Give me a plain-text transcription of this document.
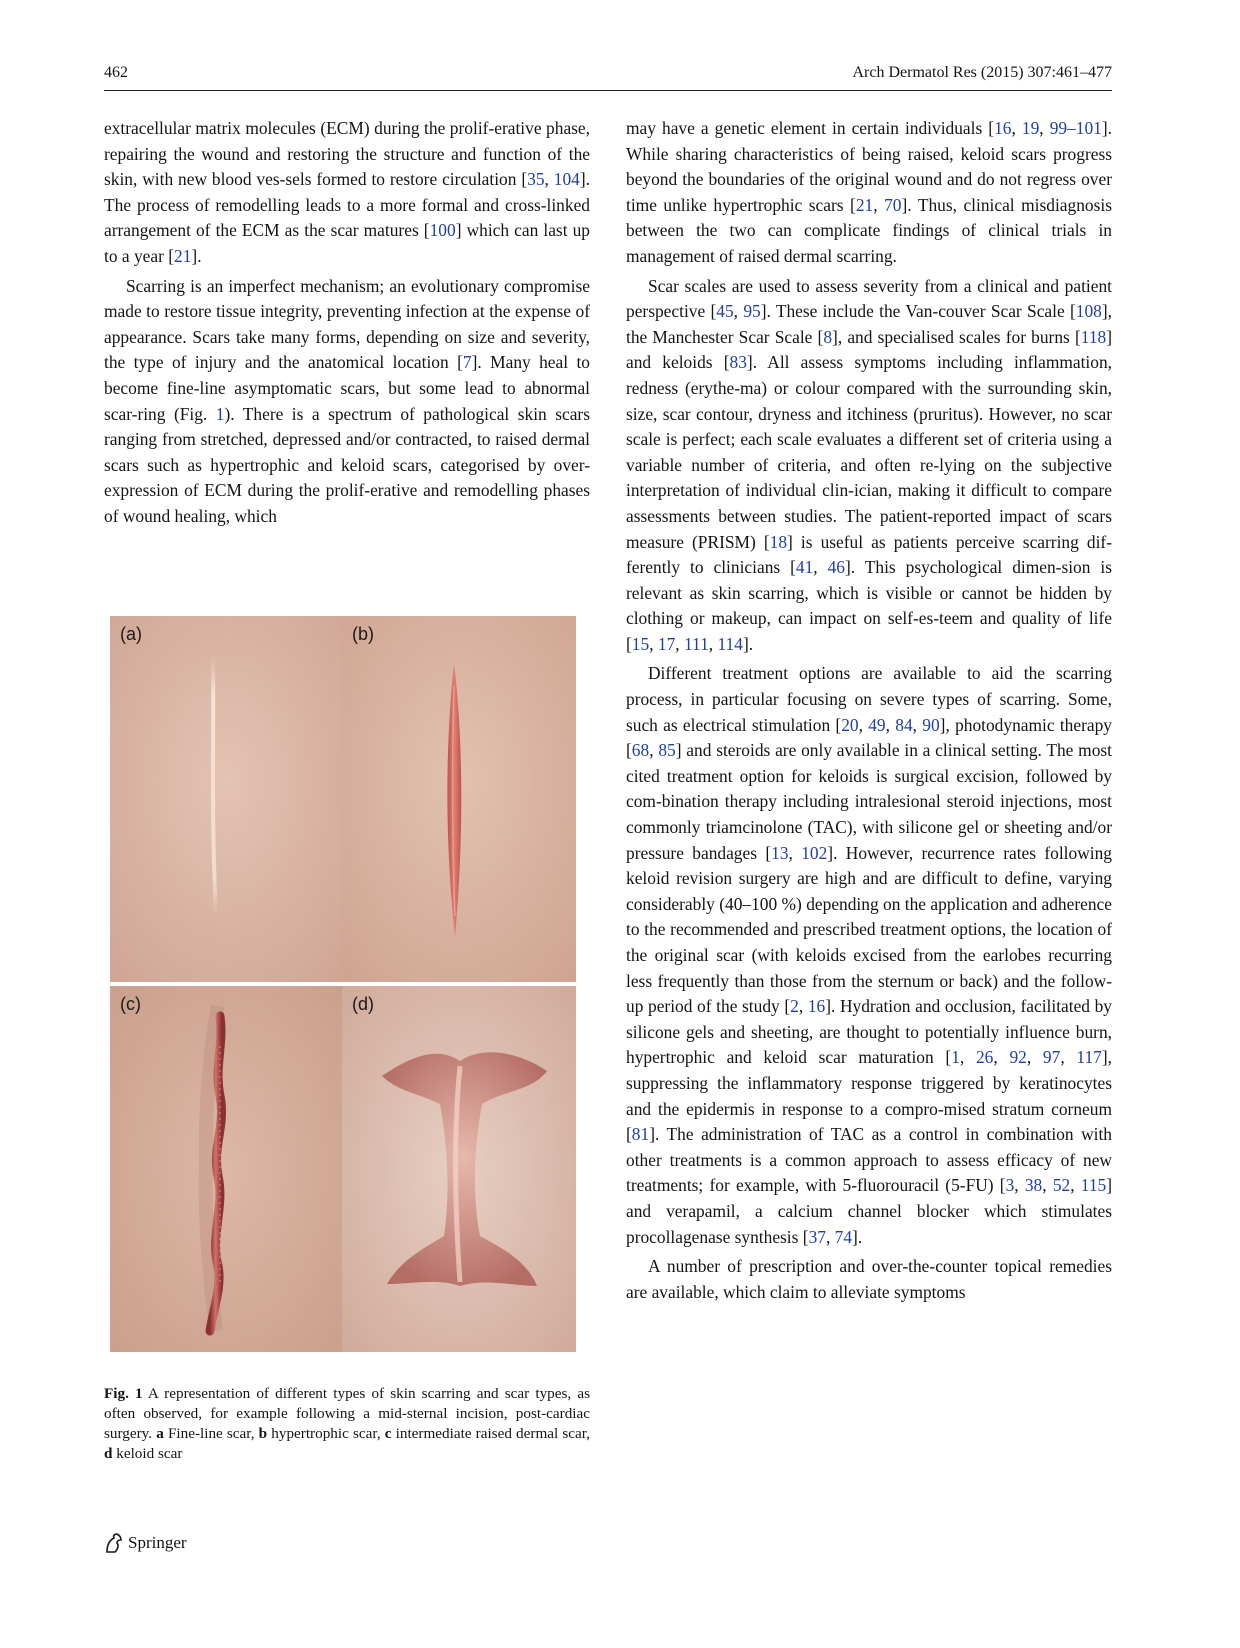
462	Arch Dermatol Res (2015) 307:461–477

extracellular matrix molecules (ECM) during the prolif-erative phase, repairing the wound and restoring the structure and function of the skin, with new blood ves-sels formed to restore circulation [35, 104]. The process of remodelling leads to a more formal and cross-linked arrangement of the ECM as the scar matures [100] which can last up to a year [21].

Scarring is an imperfect mechanism; an evolutionary compromise made to restore tissue integrity, preventing infection at the expense of appearance. Scars take many forms, depending on size and severity, the type of injury and the anatomical location [7]. Many heal to become fine-line asymptomatic scars, but some lead to abnormal scar-ring (Fig. 1). There is a spectrum of pathological skin scars ranging from stretched, depressed and/or contracted, to raised dermal scars such as hypertrophic and keloid scars, categorised by over-expression of ECM during the prolif-erative and remodelling phases of wound healing, which

may have a genetic element in certain individuals [16, 19, 99–101]. While sharing characteristics of being raised, keloid scars progress beyond the boundaries of the original wound and do not regress over time unlike hypertrophic scars [21, 70]. Thus, clinical misdiagnosis between the two can complicate findings of clinical trials in management of raised dermal scarring.

Scar scales are used to assess severity from a clinical and patient perspective [45, 95]. These include the Van-couver Scar Scale [108], the Manchester Scar Scale [8], and specialised scales for burns [118] and keloids [83]. All assess symptoms including inflammation, redness (erythe-ma) or colour compared with the surrounding skin, size, scar contour, dryness and itchiness (pruritus). However, no scar scale is perfect; each scale evaluates a different set of criteria using a variable number of criteria, and often re-lying on the subjective interpretation of individual clin-ician, making it difficult to compare assessments between studies. The patient-reported impact of scars measure (PRISM) [18] is useful as patients perceive scarring dif-ferently to clinicians [41, 46]. This psychological dimen-sion is relevant as skin scarring, which is visible or cannot be hidden by clothing or makeup, can impact on self-es-teem and quality of life [15, 17, 111, 114].

Different treatment options are available to aid the scarring process, in particular focusing on severe types of scarring. Some, such as electrical stimulation [20, 49, 84, 90], photodynamic therapy [68, 85] and steroids are only available in a clinical setting. The most cited treatment option for keloids is surgical excision, followed by com-bination therapy including intralesional steroid injections, most commonly triamcinolone (TAC), with silicone gel or sheeting and/or pressure bandages [13, 102]. However, recurrence rates following keloid revision surgery are high and are difficult to define, varying considerably (40–100 %) depending on the application and adherence to the recommended and prescribed treatment options, the location of the original scar (with keloids excised from the earlobes recurring less frequently than those from the sternum or back) and the follow-up period of the study [2, 16]. Hydration and occlusion, facilitated by silicone gels and sheeting, are thought to potentially influence burn, hypertrophic and keloid scar maturation [1, 26, 92, 97, 117], suppressing the inflammatory response triggered by keratinocytes and the epidermis in response to a compro-mised stratum corneum [81]. The administration of TAC as a control in combination with other treatments is a common approach to assess efficacy of new treatments; for example, with 5-fluorouracil (5-FU) [3, 38, 52, 115] and verapamil, a calcium channel blocker which stimulates procollagenase synthesis [37, 74].

A number of prescription and over-the-counter topical remedies are available, which claim to alleviate symptoms

(a)	(b)
(c)	(d)
Fig. 1 A representation of different types of skin scarring and scar types, as often observed, for example following a mid-sternal incision, post-cardiac surgery. a Fine-line scar, b hypertrophic scar, c intermediate raised dermal scar, d keloid scar
Springer
